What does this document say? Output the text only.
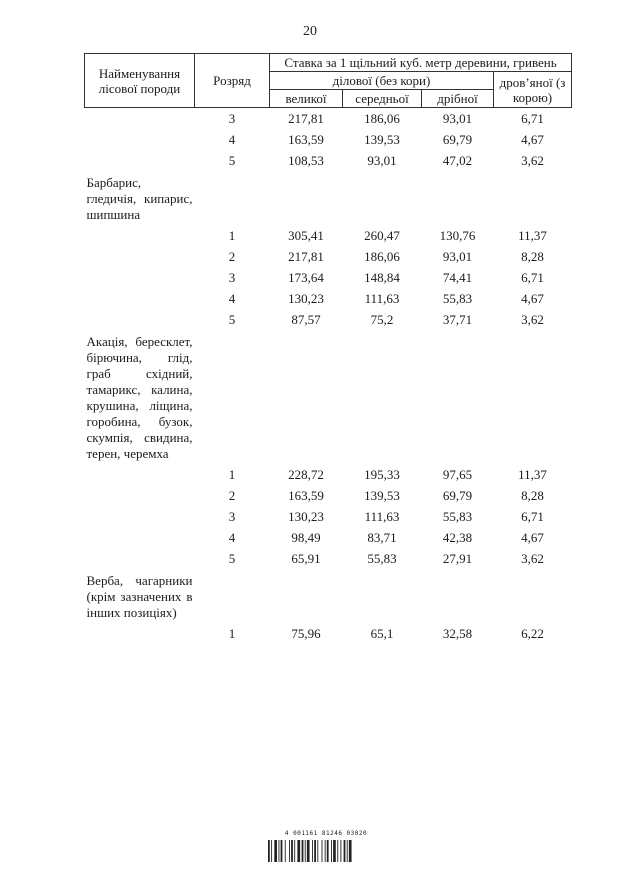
20
Найменування лісової породи	Розряд	Ставка за 1 щільний куб. метр деревини, гривень			
		ділової (без кори)			дров’яної (з корою)
		великої	середньої	дрібної	
	3	217,81	186,06	93,01	6,71
	4	163,59	139,53	69,79	4,67
	5	108,53	93,01	47,02	3,62
Барбарис, гледичія, кипарис, шипшина					
	1	305,41	260,47	130,76	11,37
	2	217,81	186,06	93,01	8,28
	3	173,64	148,84	74,41	6,71
	4	130,23	111,63	55,83	4,67
	5	87,57	75,2	37,71	3,62
Акація, бересклет, бірючина, глід, граб східний, тамарикс, калина, крушина, ліщина, горобина, бузок, скумпія, свидина, терен, черемха					
	1	228,72	195,33	97,65	11,37
	2	163,59	139,53	69,79	8,28
	3	130,23	111,63	55,83	6,71
	4	98,49	83,71	42,38	4,67
	5	65,91	55,83	27,91	3,62
Верба, чагарники (крім зазначених в інших позиціях)					
	1	75,96	65,1	32,58	6,22
4 001161 81246 03020
